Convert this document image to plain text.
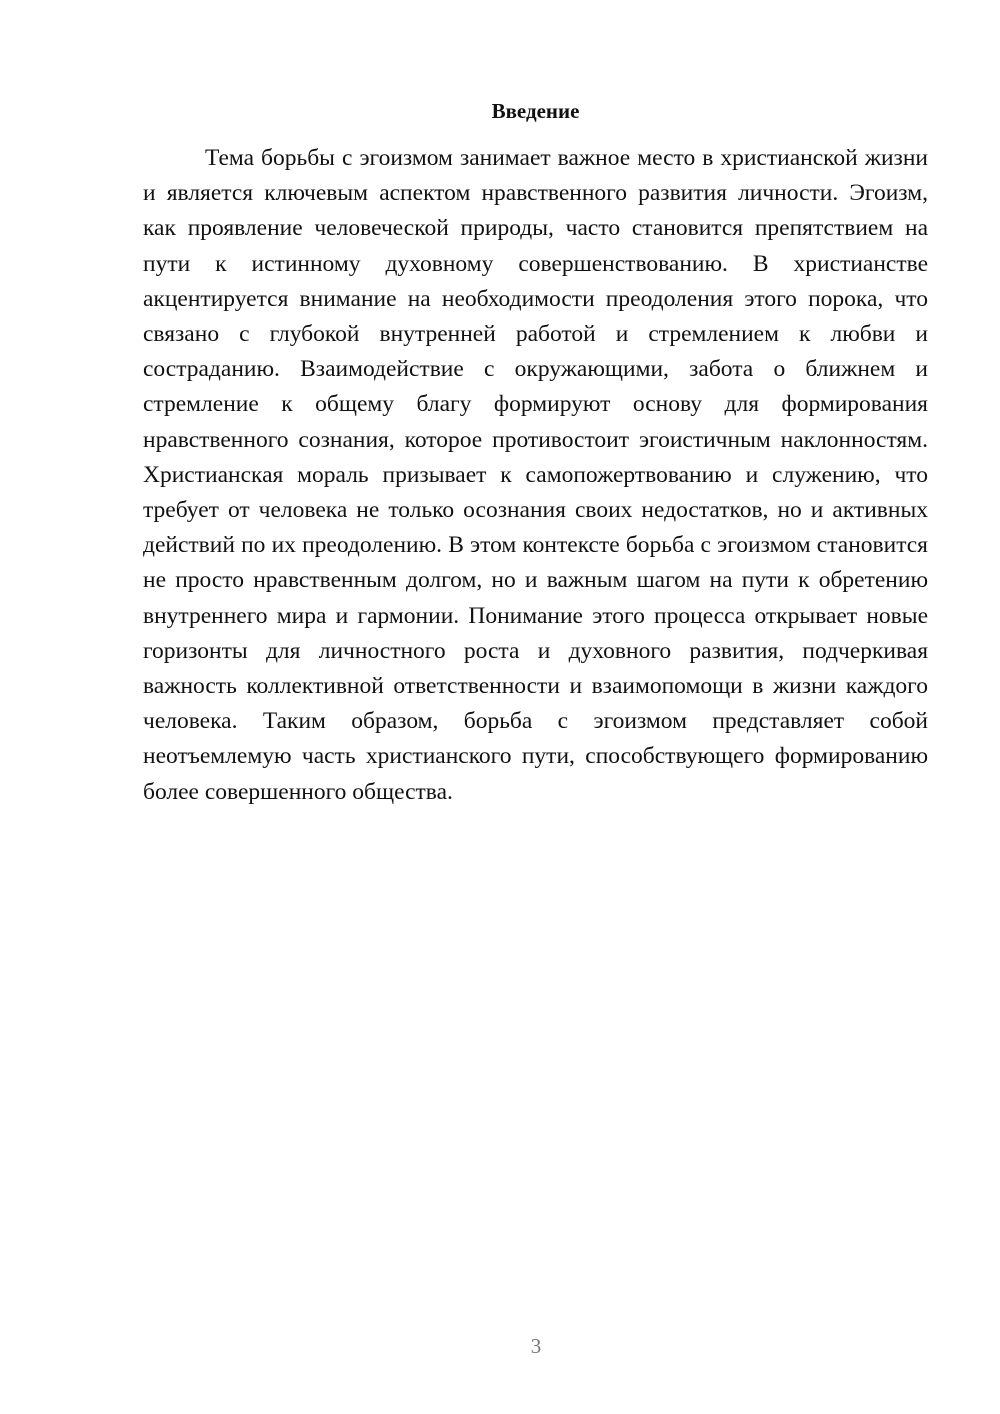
Введение

Тема борьбы с эгоизмом занимает важное место в христианской жизни и является ключевым аспектом нравственного развития личности. Эгоизм, как проявление человеческой природы, часто становится препятствием на пути к истинному духовному совершенствованию. В христианстве акцентируется внимание на необходимости преодоления этого порока, что связано с глубокой внутренней работой и стремлением к любви и состраданию. Взаимодействие с окружающими, забота о ближнем и стремление к общему благу формируют основу для формирования нравственного сознания, которое противостоит эгоистичным наклонностям. Христианская мораль призывает к самопожертвованию и служению, что требует от человека не только осознания своих недостатков, но и активных действий по их преодолению. В этом контексте борьба с эгоизмом становится не просто нравственным долгом, но и важным шагом на пути к обретению внутреннего мира и гармонии. Понимание этого процесса открывает новые горизонты для личностного роста и духовного развития, подчеркивая важность коллективной ответственности и взаимопомощи в жизни каждого человека. Таким образом, борьба с эгоизмом представляет собой неотъемлемую часть христианского пути, способствующего формированию более совершенного общества.

3
